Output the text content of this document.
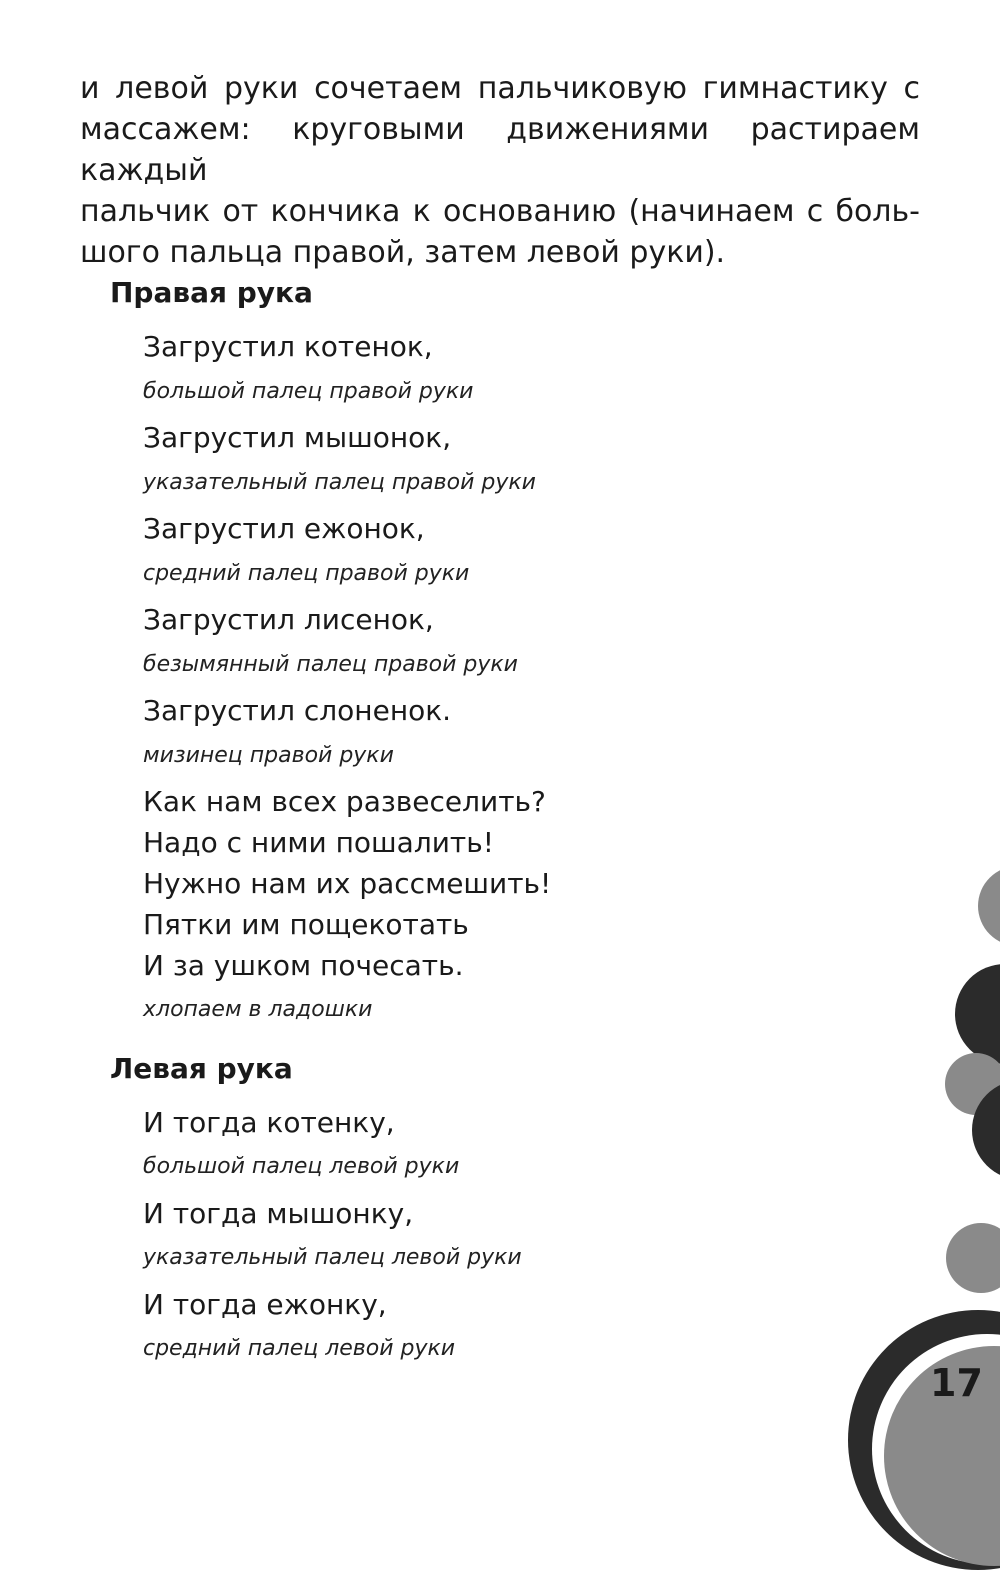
и левой руки сочетаем пальчиковую гимнастику с
массажем: круговыми движениями растираем каждый
пальчик от кончика к основанию (начинаем с боль-
шого пальца правой, затем левой руки).
Правая рука

Загрустил котенок,

большой палец правой руки

Загрустил мышонок,

указательный палец правой руки

Загрустил ежонок,

средний палец правой руки

Загрустил лисенок,

безымянный палец правой руки

Загрустил слоненок.

мизинец правой руки

Как нам всех развеселить?

Надо с ними пошалить!

Нужно нам их рассмешить!

Пятки им пощекотать

И за ушком почесать.

хлопаем в ладошки

Левая рука

И тогда котенку,

большой палец левой руки

И тогда мышонку,

указательный палец левой руки

И тогда ежонку,

средний палец левой руки

17
